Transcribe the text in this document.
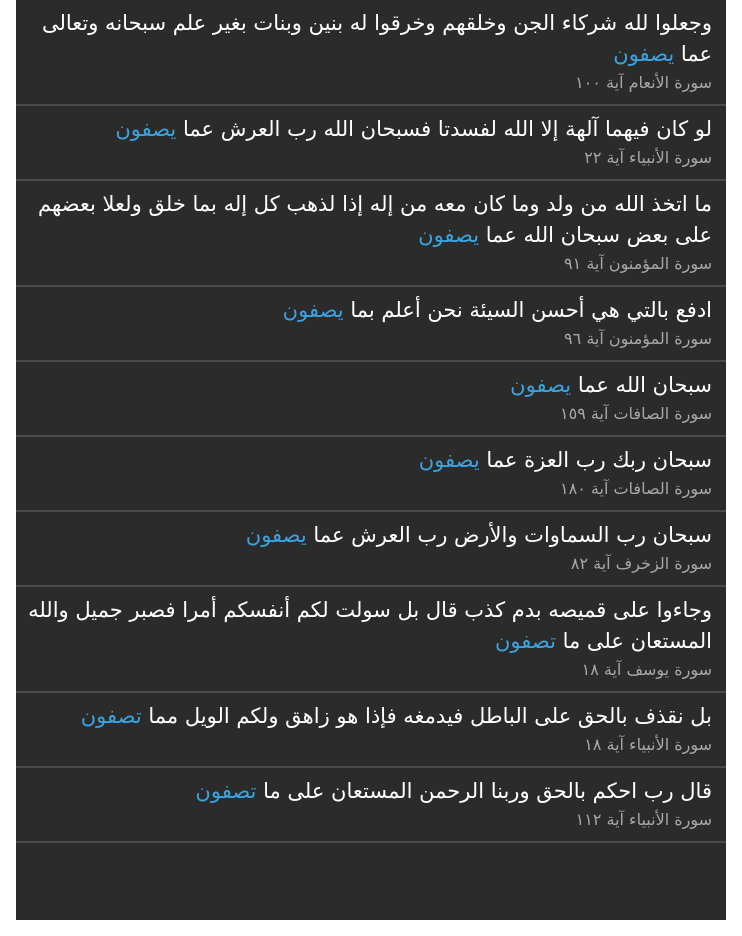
وجعلوا لله شركاء الجن وخلقهم وخرقوا له بنين وبنات بغير علم سبحانه وتعالى عما يصفون

سورة الأنعام آية ١٠٠

لو كان فيهما آلهة إلا الله لفسدتا فسبحان الله رب العرش عما يصفون

سورة الأنبياء آية ٢٢

ما اتخذ الله من ولد وما كان معه من إله إذا لذهب كل إله بما خلق ولعلا بعضهم على بعض سبحان الله عما يصفون

سورة المؤمنون آية ٩١

ادفع بالتي هي أحسن السيئة نحن أعلم بما يصفون

سورة المؤمنون آية ٩٦

سبحان الله عما يصفون

سورة الصافات آية ١٥٩

سبحان ربك رب العزة عما يصفون

سورة الصافات آية ١٨٠

سبحان رب السماوات والأرض رب العرش عما يصفون

سورة الزخرف آية ٨٢

وجاءوا على قميصه بدم كذب قال بل سولت لكم أنفسكم أمرا فصبر جميل والله المستعان على ما تصفون

سورة يوسف آية ١٨

بل نقذف بالحق على الباطل فيدمغه فإذا هو زاهق ولكم الويل مما تصفون

سورة الأنبياء آية ١٨

قال رب احكم بالحق وربنا الرحمن المستعان على ما تصفون

سورة الأنبياء آية ١١٢
